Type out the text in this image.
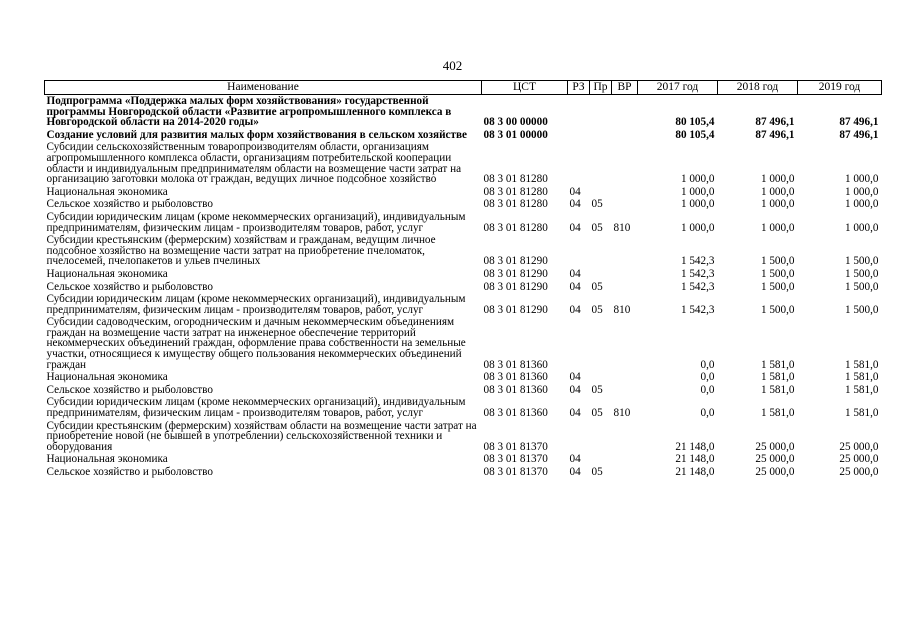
402
Наименование	ЦСТ	РЗ	Пр	ВР	2017 год	2018 год	2019 год
Подпрограмма «Поддержка малых форм хозяйствования» государственной программы Новгородской области «Развитие агропромышленного комплекса в Новгородской области на 2014-2020 годы»	08 3 00 00000				80 105,4	87 496,1	87 496,1
Создание условий для развития малых форм хозяйствования в сельском хозяйстве	08 3 01 00000				80 105,4	87 496,1	87 496,1
Субсидии сельскохозяйственным товаропроизводителям области, организациям агропромышленного комплекса области, организациям потребительской кооперации области и индивидуальным предпринимателям области на возмещение части затрат на организацию заготовки молока от граждан, ведущих личное подсобное хозяйство	08 3 01 81280				1 000,0	1 000,0	1 000,0
Национальная экономика	08 3 01 81280	04			1 000,0	1 000,0	1 000,0
Сельское хозяйство и рыболовство	08 3 01 81280	04	05		1 000,0	1 000,0	1 000,0
Субсидии юридическим лицам (кроме некоммерческих организаций), индивидуальным предпринимателям, физическим лицам - производителям товаров, работ, услуг	08 3 01 81280	04	05	810	1 000,0	1 000,0	1 000,0
Субсидии крестьянским (фермерским) хозяйствам и гражданам, ведущим личное подсобное хозяйство на возмещение части затрат на приобретение пчеломаток, пчелосемей, пчелопакетов и ульев пчелиных	08 3 01 81290				1 542,3	1 500,0	1 500,0
Национальная экономика	08 3 01 81290	04			1 542,3	1 500,0	1 500,0
Сельское хозяйство и рыболовство	08 3 01 81290	04	05		1 542,3	1 500,0	1 500,0
Субсидии юридическим лицам (кроме некоммерческих организаций), индивидуальным предпринимателям, физическим лицам - производителям товаров, работ, услуг	08 3 01 81290	04	05	810	1 542,3	1 500,0	1 500,0
Субсидии садоводческим, огородническим и дачным некоммерческим объединениям граждан на возмещение части затрат на инженерное обеспечение территорий некоммерческих объединений граждан, оформление права собственности на земельные участки, относящиеся к имуществу общего пользования некоммерческих объединений граждан	08 3 01 81360				0,0	1 581,0	1 581,0
Национальная экономика	08 3 01 81360	04			0,0	1 581,0	1 581,0
Сельское хозяйство и рыболовство	08 3 01 81360	04	05		0,0	1 581,0	1 581,0
Субсидии юридическим лицам (кроме некоммерческих организаций), индивидуальным предпринимателям, физическим лицам - производителям товаров, работ, услуг	08 3 01 81360	04	05	810	0,0	1 581,0	1 581,0
Субсидии крестьянским (фермерским) хозяйствам области на возмещение части затрат на приобретение новой (не бывшей в употреблении) сельскохозяйственной техники и оборудования	08 3 01 81370				21 148,0	25 000,0	25 000,0
Национальная экономика	08 3 01 81370	04			21 148,0	25 000,0	25 000,0
Сельское хозяйство и рыболовство	08 3 01 81370	04	05		21 148,0	25 000,0	25 000,0
